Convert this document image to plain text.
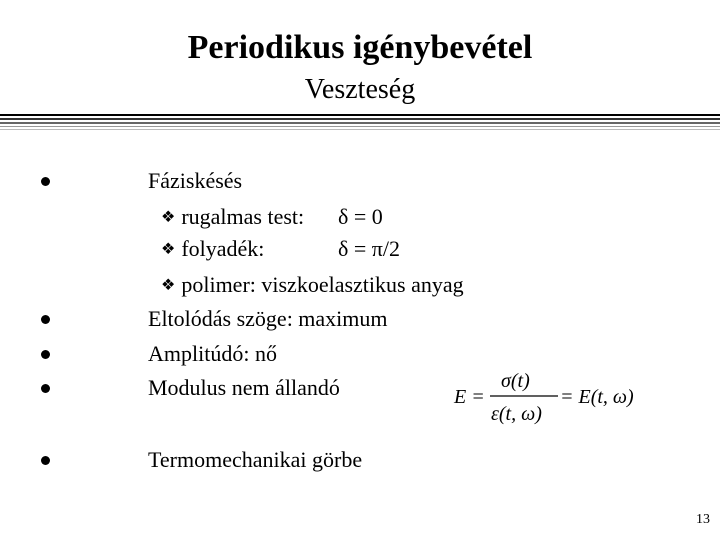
Periodikus igénybevétel
Veszteség
Fáziskésés
❖ rugalmas test: δ = 0
❖ folyadék:	δ = π/2
❖ polimer: viszkoelasztikus anyag
Eltolódás szöge: maximum
Amplitúdó: nő
Modulus nem állandó
Termomechanikai görbe
E =
σ(t)
ε(t, ω)
= E(t, ω)
13
